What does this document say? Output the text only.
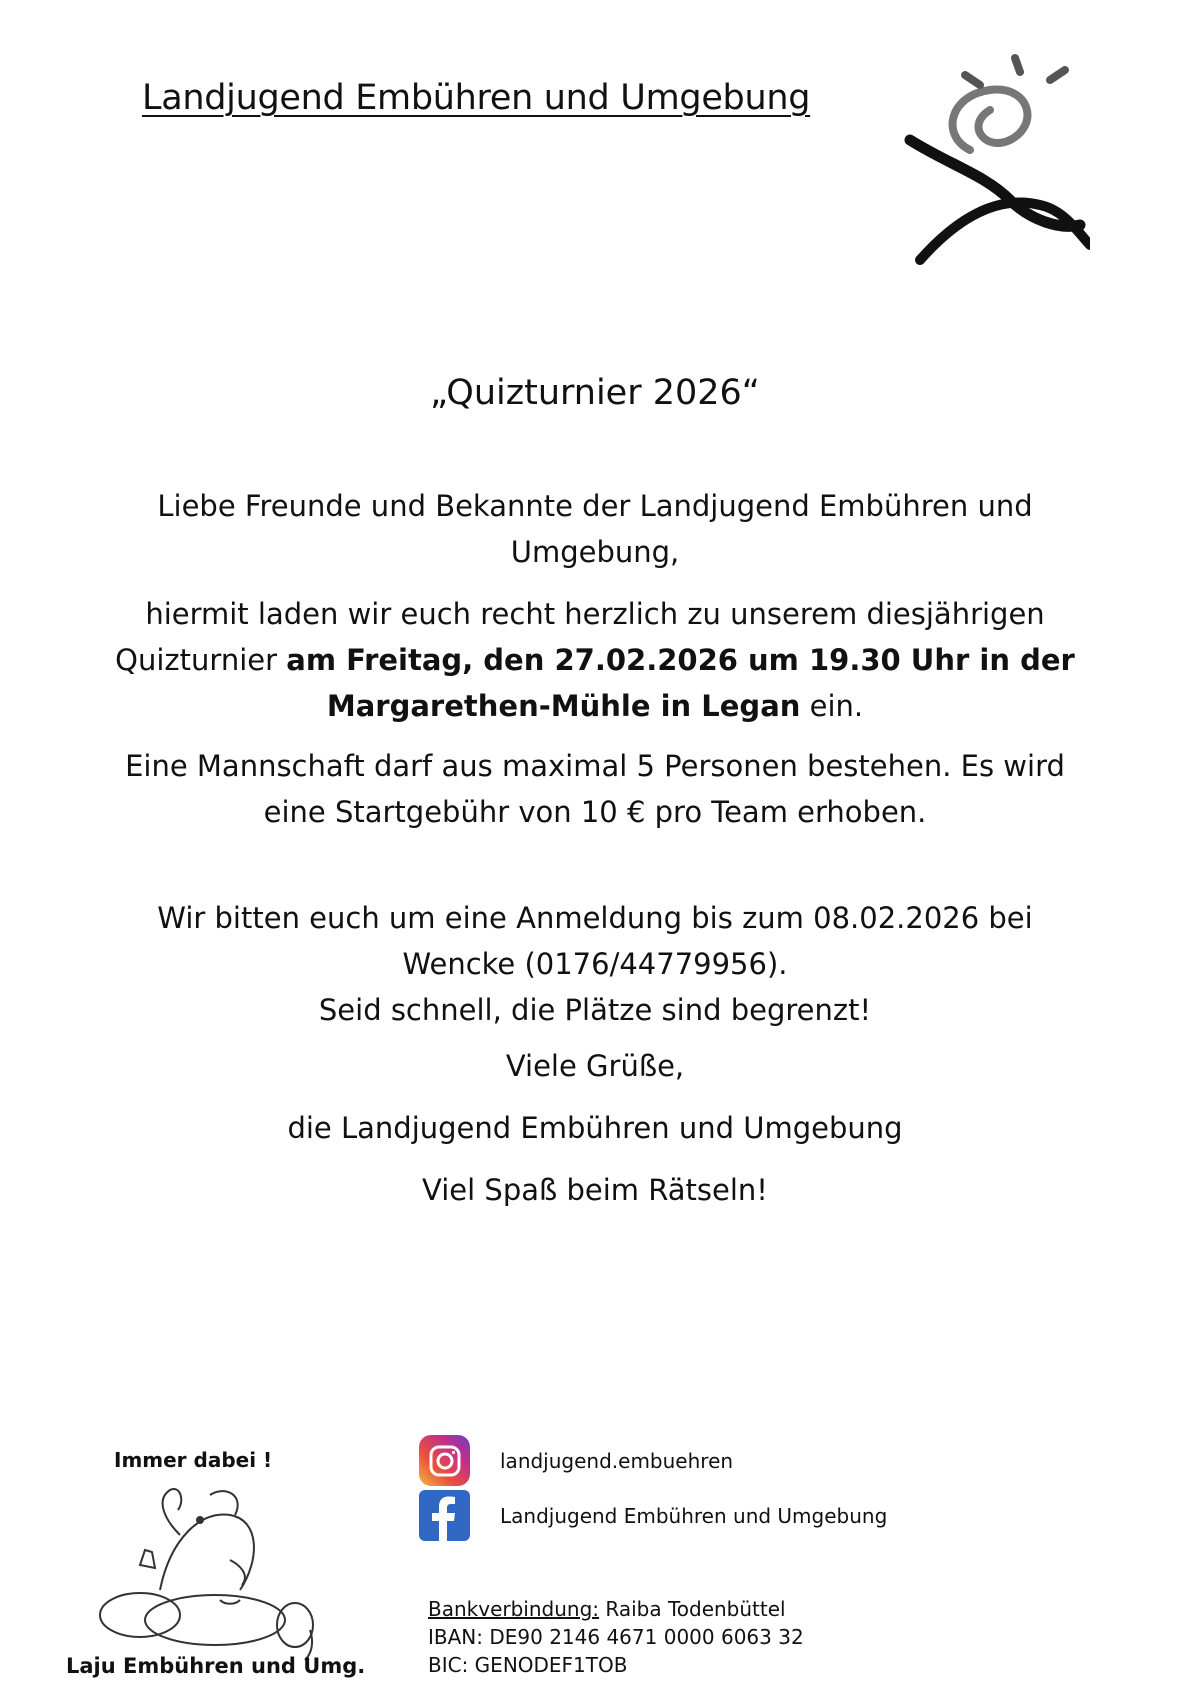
Landjugend Embühren und Umgebung
„Quizturnier 2026“
Liebe Freunde und Bekannte der Landjugend Embühren und Umgebung,
hiermit laden wir euch recht herzlich zu unserem diesjährigen Quizturnier am Freitag, den 27.02.2026 um 19.30 Uhr in der Margarethen-Mühle in Legan ein.
Eine Mannschaft darf aus maximal 5 Personen bestehen. Es wird eine Startgebühr von 10 € pro Team erhoben.
Wir bitten euch um eine Anmeldung bis zum 08.02.2026 bei Wencke (0176/44779956).
Seid schnell, die Plätze sind begrenzt!
Viele Grüße,
die Landjugend Embühren und Umgebung
Viel Spaß beim Rätseln!
Immer dabei !
Laju Embühren und Umg.
landjugend.embuehren
Landjugend Embühren und Umgebung
Bankverbindung: Raiba Todenbüttel
IBAN: DE90 2146 4671 0000 6063 32
BIC: GENODEF1TOB
